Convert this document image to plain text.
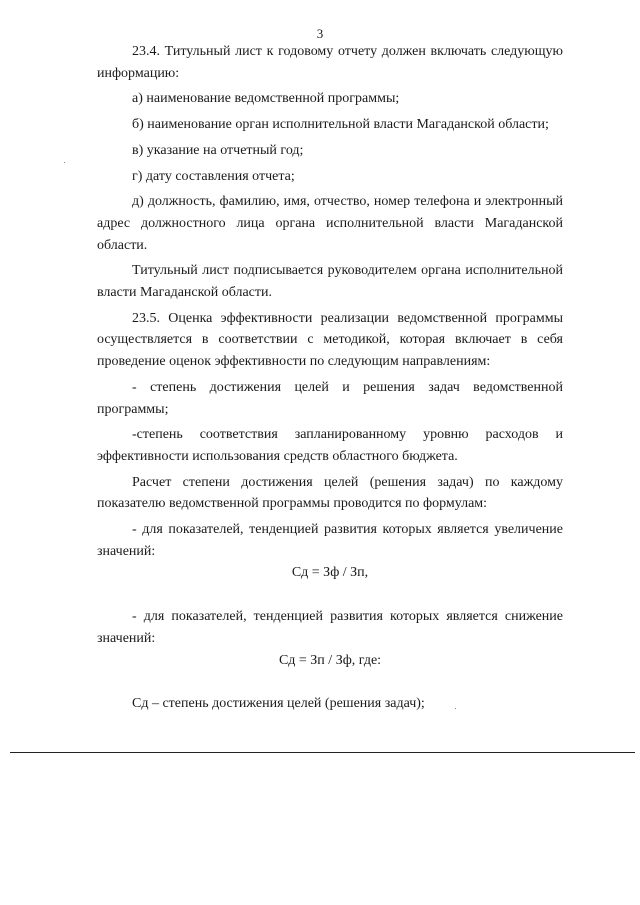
3

23.4. Титульный лист к годовому отчету должен включать следующую информацию:

а) наименование ведомственной программы;

б) наименование орган исполнительной власти Магаданской области;

в) указание на отчетный год;

г) дату составления отчета;

д) должность, фамилию, имя, отчество, номер телефона и электронный адрес должностного лица органа исполнительной власти Магаданской области.

Титульный лист подписывается руководителем органа исполнительной власти Магаданской области.

23.5. Оценка эффективности реализации ведомственной программы осуществляется в соответствии с методикой, которая включает в себя проведение оценок эффективности по следующим направлениям:

- степень достижения целей и решения задач ведомственной программы;

-степень соответствия запланированному уровню расходов и эффективности использования средств областного бюджета.

Расчет степени достижения целей (решения задач) по каждому показателю ведомственной программы проводится по формулам:

- для показателей, тенденцией развития которых является увеличение значений:

Сд = Зф / Зп,

- для показателей, тенденцией развития которых является снижение значений:

Сд = Зп / Зф, где:

Сд – степень достижения целей (решения задач);
